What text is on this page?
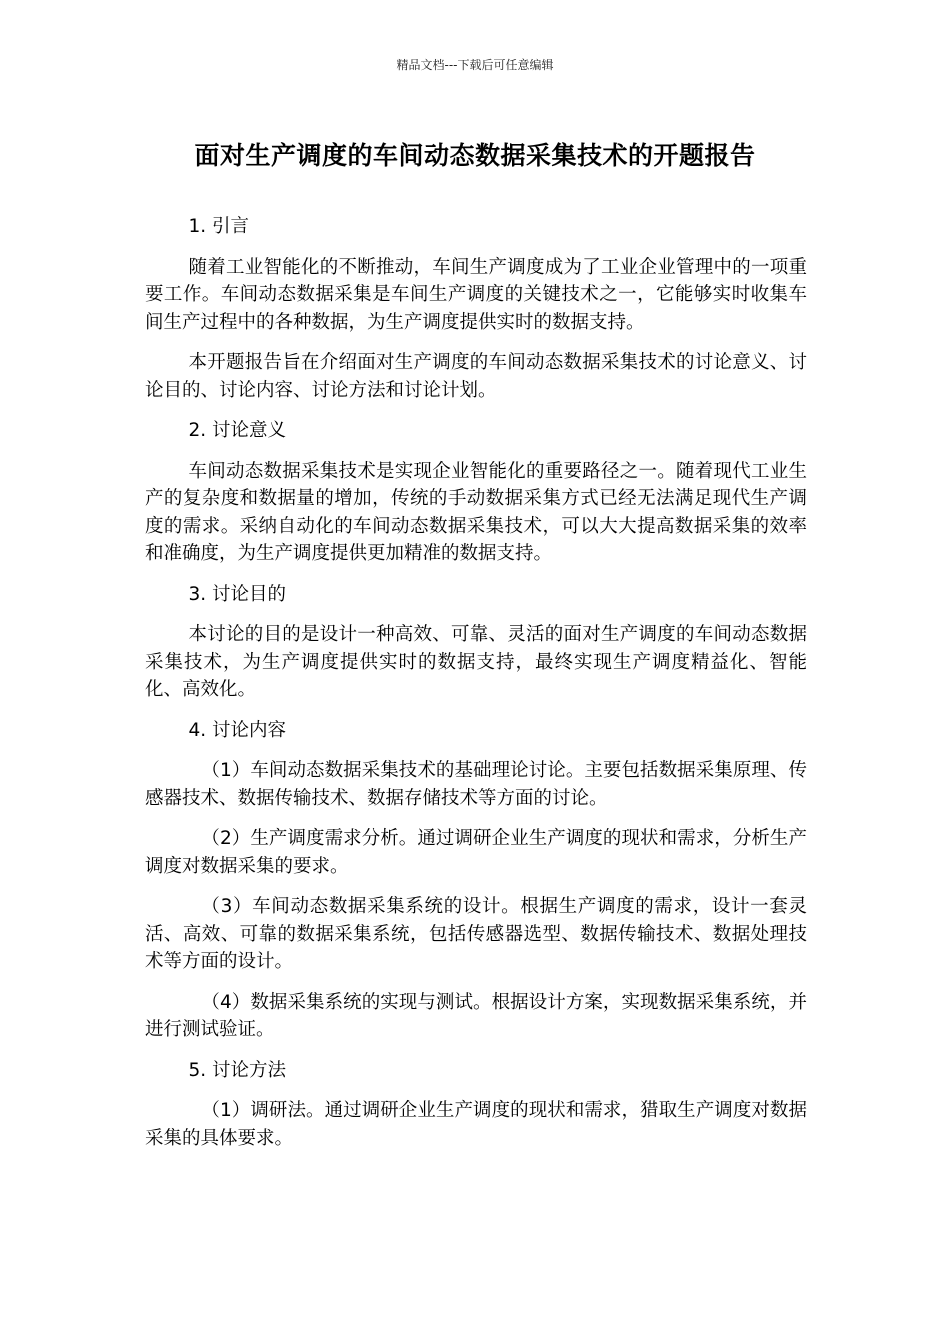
精品文档---下载后可任意编辑
面对生产调度的车间动态数据采集技术的开题报告

1. 引言

随着工业智能化的不断推动，车间生产调度成为了工业企业管理中的一项重要工作。车间动态数据采集是车间生产调度的关键技术之一，它能够实时收集车间生产过程中的各种数据，为生产调度提供实时的数据支持。

本开题报告旨在介绍面对生产调度的车间动态数据采集技术的讨论意义、讨论目的、讨论内容、讨论方法和讨论计划。

2. 讨论意义

车间动态数据采集技术是实现企业智能化的重要路径之一。随着现代工业生产的复杂度和数据量的增加，传统的手动数据采集方式已经无法满足现代生产调度的需求。采纳自动化的车间动态数据采集技术，可以大大提高数据采集的效率和准确度，为生产调度提供更加精准的数据支持。

3. 讨论目的

本讨论的目的是设计一种高效、可靠、灵活的面对生产调度的车间动态数据采集技术，为生产调度提供实时的数据支持，最终实现生产调度精益化、智能化、高效化。

4. 讨论内容

（1）车间动态数据采集技术的基础理论讨论。主要包括数据采集原理、传感器技术、数据传输技术、数据存储技术等方面的讨论。

（2）生产调度需求分析。通过调研企业生产调度的现状和需求，分析生产调度对数据采集的要求。

（3）车间动态数据采集系统的设计。根据生产调度的需求，设计一套灵活、高效、可靠的数据采集系统，包括传感器选型、数据传输技术、数据处理技术等方面的设计。

（4）数据采集系统的实现与测试。根据设计方案，实现数据采集系统，并进行测试验证。

5. 讨论方法

（1）调研法。通过调研企业生产调度的现状和需求，猎取生产调度对数据采集的具体要求。
